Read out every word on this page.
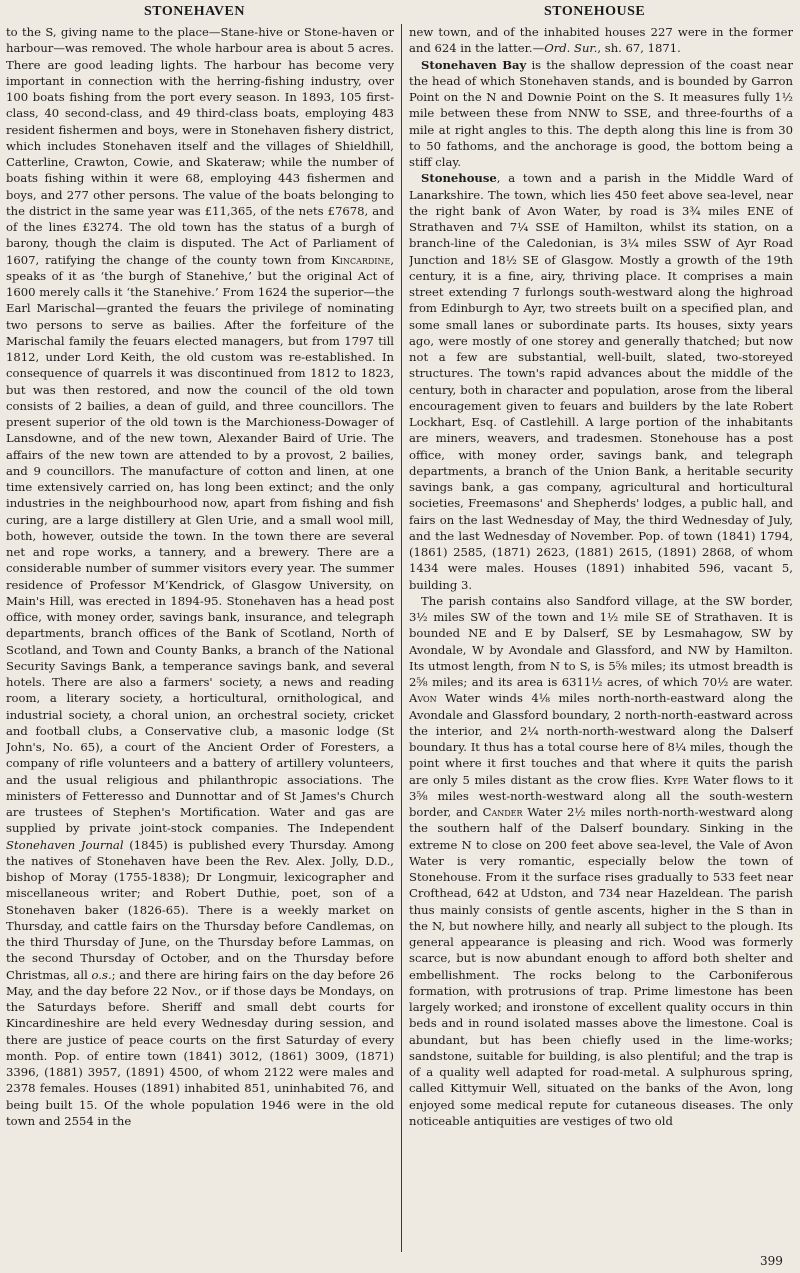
STONEHAVEN	STONEHOUSE

to the S, giving name to the place—Stane-hive or Stone-haven or harbour—was removed. The whole harbour area is about 5 acres. There are good leading lights. The harbour has become very important in connection with the herring-fishing industry, over 100 boats fishing from the port every season. In 1893, 105 first-class, 40 second-class, and 49 third-class boats, employing 483 resident fishermen and boys, were in Stonehaven fishery district, which includes Stonehaven itself and the villages of Shieldhill, Catterline, Crawton, Cowie, and Skateraw; while the number of boats fishing within it were 68, employing 443 fishermen and boys, and 277 other persons. The value of the boats belonging to the district in the same year was £11,365, of the nets £7678, and of the lines £3274. The old town has the status of a burgh of barony, though the claim is disputed. The Act of Parliament of 1607, ratifying the change of the county town from Kincardine, speaks of it as ‘the burgh of Stanehive,’ but the original Act of 1600 merely calls it ‘the Stanehive.’ From 1624 the superior—the Earl Marischal—granted the feuars the privilege of nominating two persons to serve as bailies. After the forfeiture of the Marischal family the feuars elected managers, but from 1797 till 1812, under Lord Keith, the old custom was re-established. In consequence of quarrels it was discontinued from 1812 to 1823, but was then restored, and now the council of the old town consists of 2 bailies, a dean of guild, and three councillors. The present superior of the old town is the Marchioness-Dowager of Lansdowne, and of the new town, Alexander Baird of Urie. The affairs of the new town are attended to by a provost, 2 bailies, and 9 councillors. The manufacture of cotton and linen, at one time extensively carried on, has long been extinct; and the only industries in the neighbourhood now, apart from fishing and fish curing, are a large distillery at Glen Urie, and a small wool mill, both, however, outside the town. In the town there are several net and rope works, a tannery, and a brewery. There are a considerable number of summer visitors every year. The summer residence of Professor M‘Kendrick, of Glasgow University, on Main's Hill, was erected in 1894-95. Stonehaven has a head post office, with money order, savings bank, insurance, and telegraph departments, branch offices of the Bank of Scotland, North of Scotland, and Town and County Banks, a branch of the National Security Savings Bank, a temperance savings bank, and several hotels. There are also a farmers' society, a news and reading room, a literary society, a horticultural, ornithological, and industrial society, a choral union, an orchestral society, cricket and football clubs, a Conservative club, a masonic lodge (St John's, No. 65), a court of the Ancient Order of Foresters, a company of rifle volunteers and a battery of artillery volunteers, and the usual religious and philanthropic associations. The ministers of Fetteresso and Dunnottar and of St James's Church are trustees of Stephen's Mortification. Water and gas are supplied by private joint-stock companies. The Independent Stonehaven Journal (1845) is published every Thursday. Among the natives of Stonehaven have been the Rev. Alex. Jolly, D.D., bishop of Moray (1755-1838); Dr Longmuir, lexicographer and miscellaneous writer; and Robert Duthie, poet, son of a Stonehaven baker (1826-65). There is a weekly market on Thursday, and cattle fairs on the Thursday before Candlemas, on the third Thursday of June, on the Thursday before Lammas, on the second Thursday of October, and on the Thursday before Christmas, all o.s.; and there are hiring fairs on the day before 26 May, and the day before 22 Nov., or if those days be Mondays, on the Saturdays before. Sheriff and small debt courts for Kincardineshire are held every Wednesday during session, and there are justice of peace courts on the first Saturday of every month. Pop. of entire town (1841) 3012, (1861) 3009, (1871) 3396, (1881) 3957, (1891) 4500, of whom 2122 were males and 2378 females. Houses (1891) inhabited 851, uninhabited 76, and being built 15. Of the whole population 1946 were in the old town and 2554 in the

new town, and of the inhabited houses 227 were in the former and 624 in the latter.—Ord. Sur., sh. 67, 1871.

Stonehaven Bay is the shallow depression of the coast near the head of which Stonehaven stands, and is bounded by Garron Point on the N and Downie Point on the S. It measures fully 1½ mile between these from NNW to SSE, and three-fourths of a mile at right angles to this. The depth along this line is from 30 to 50 fathoms, and the anchorage is good, the bottom being a stiff clay.

Stonehouse, a town and a parish in the Middle Ward of Lanarkshire. The town, which lies 450 feet above sea-level, near the right bank of Avon Water, by road is 3¾ miles ENE of Strathaven and 7¼ SSE of Hamilton, whilst its station, on a branch-line of the Caledonian, is 3¼ miles SSW of Ayr Road Junction and 18½ SE of Glasgow. Mostly a growth of the 19th century, it is a fine, airy, thriving place. It comprises a main street extending 7 furlongs south-westward along the highroad from Edinburgh to Ayr, two streets built on a specified plan, and some small lanes or subordinate parts. Its houses, sixty years ago, were mostly of one storey and generally thatched; but now not a few are substantial, well-built, slated, two-storeyed structures. The town's rapid advances about the middle of the century, both in character and population, arose from the liberal encouragement given to feuars and builders by the late Robert Lockhart, Esq. of Castlehill. A large portion of the inhabitants are miners, weavers, and tradesmen. Stonehouse has a post office, with money order, savings bank, and telegraph departments, a branch of the Union Bank, a heritable security savings bank, a gas company, agricultural and horticultural societies, Freemasons' and Shepherds' lodges, a public hall, and fairs on the last Wednesday of May, the third Wednesday of July, and the last Wednesday of November. Pop. of town (1841) 1794, (1861) 2585, (1871) 2623, (1881) 2615, (1891) 2868, of whom 1434 were males. Houses (1891) inhabited 596, vacant 5, building 3.

The parish contains also Sandford village, at the SW border, 3½ miles SW of the town and 1½ mile SE of Strathaven. It is bounded NE and E by Dalserf, SE by Lesmahagow, SW by Avondale, W by Avondale and Glassford, and NW by Hamilton. Its utmost length, from N to S, is 5⅝ miles; its utmost breadth is 2⅝ miles; and its area is 6311½ acres, of which 70½ are water. Avon Water winds 4⅛ miles north-north-eastward along the Avondale and Glassford boundary, 2 north-north-eastward across the interior, and 2¼ north-north-westward along the Dalserf boundary. It thus has a total course here of 8¼ miles, though the point where it first touches and that where it quits the parish are only 5 miles distant as the crow flies. Kype Water flows to it 3⅝ miles west-north-westward along all the south-western border, and Cander Water 2½ miles north-north-westward along the southern half of the Dalserf boundary. Sinking in the extreme N to close on 200 feet above sea-level, the Vale of Avon Water is very romantic, especially below the town of Stonehouse. From it the surface rises gradually to 533 feet near Crofthead, 642 at Udston, and 734 near Hazeldean. The parish thus mainly consists of gentle ascents, higher in the S than in the N, but nowhere hilly, and nearly all subject to the plough. Its general appearance is pleasing and rich. Wood was formerly scarce, but is now abundant enough to afford both shelter and embellishment. The rocks belong to the Carboniferous formation, with protrusions of trap. Prime limestone has been largely worked; and ironstone of excellent quality occurs in thin beds and in round isolated masses above the limestone. Coal is abundant, but has been chiefly used in the lime-works; sandstone, suitable for building, is also plentiful; and the trap is of a quality well adapted for road-metal. A sulphurous spring, called Kittymuir Well, situated on the banks of the Avon, long enjoyed some medical repute for cutaneous diseases. The only noticeable antiquities are vestiges of two old

399
